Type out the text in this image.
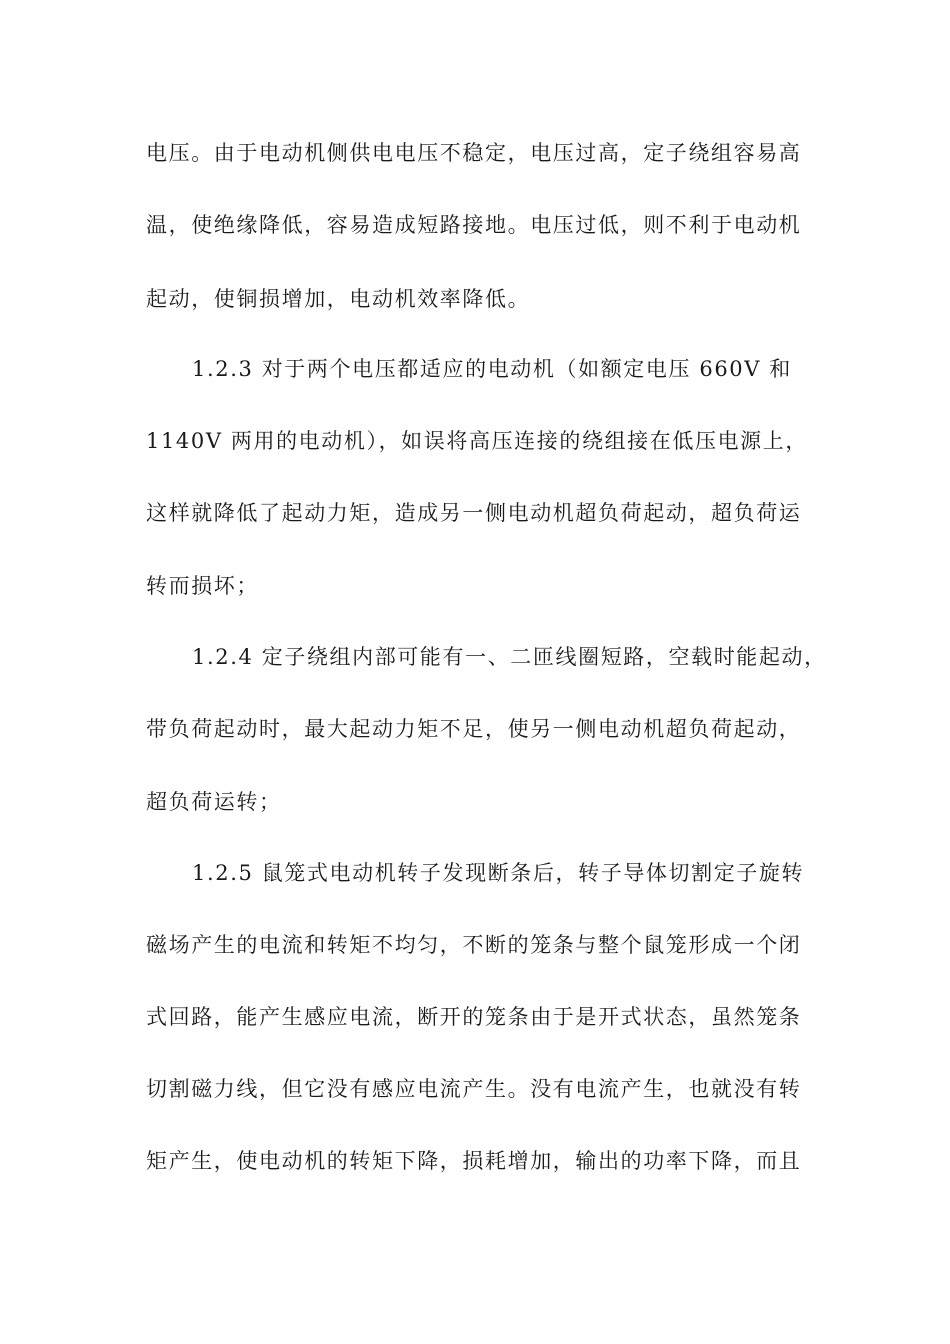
电压。由于电动机侧供电电压不稳定，电压过高，定子绕组容易高
温，使绝缘降低，容易造成短路接地。电压过低，则不利于电动机
起动，使铜损增加，电动机效率降低。
1.2.3 对于两个电压都适应的电动机（如额定电压 660V 和
1140V 两用的电动机），如误将高压连接的绕组接在低压电源上，
这样就降低了起动力矩，造成另一侧电动机超负荷起动，超负荷运
转而损坏；
1.2.4 定子绕组内部可能有一、二匝线圈短路，空载时能起动，
带负荷起动时，最大起动力矩不足，使另一侧电动机超负荷起动，
超负荷运转；
1.2.5 鼠笼式电动机转子发现断条后，转子导体切割定子旋转
磁场产生的电流和转矩不均匀，不断的笼条与整个鼠笼形成一个闭
式回路，能产生感应电流，断开的笼条由于是开式状态，虽然笼条
切割磁力线，但它没有感应电流产生。没有电流产生，也就没有转
矩产生，使电动机的转矩下降，损耗增加，输出的功率下降，而且
